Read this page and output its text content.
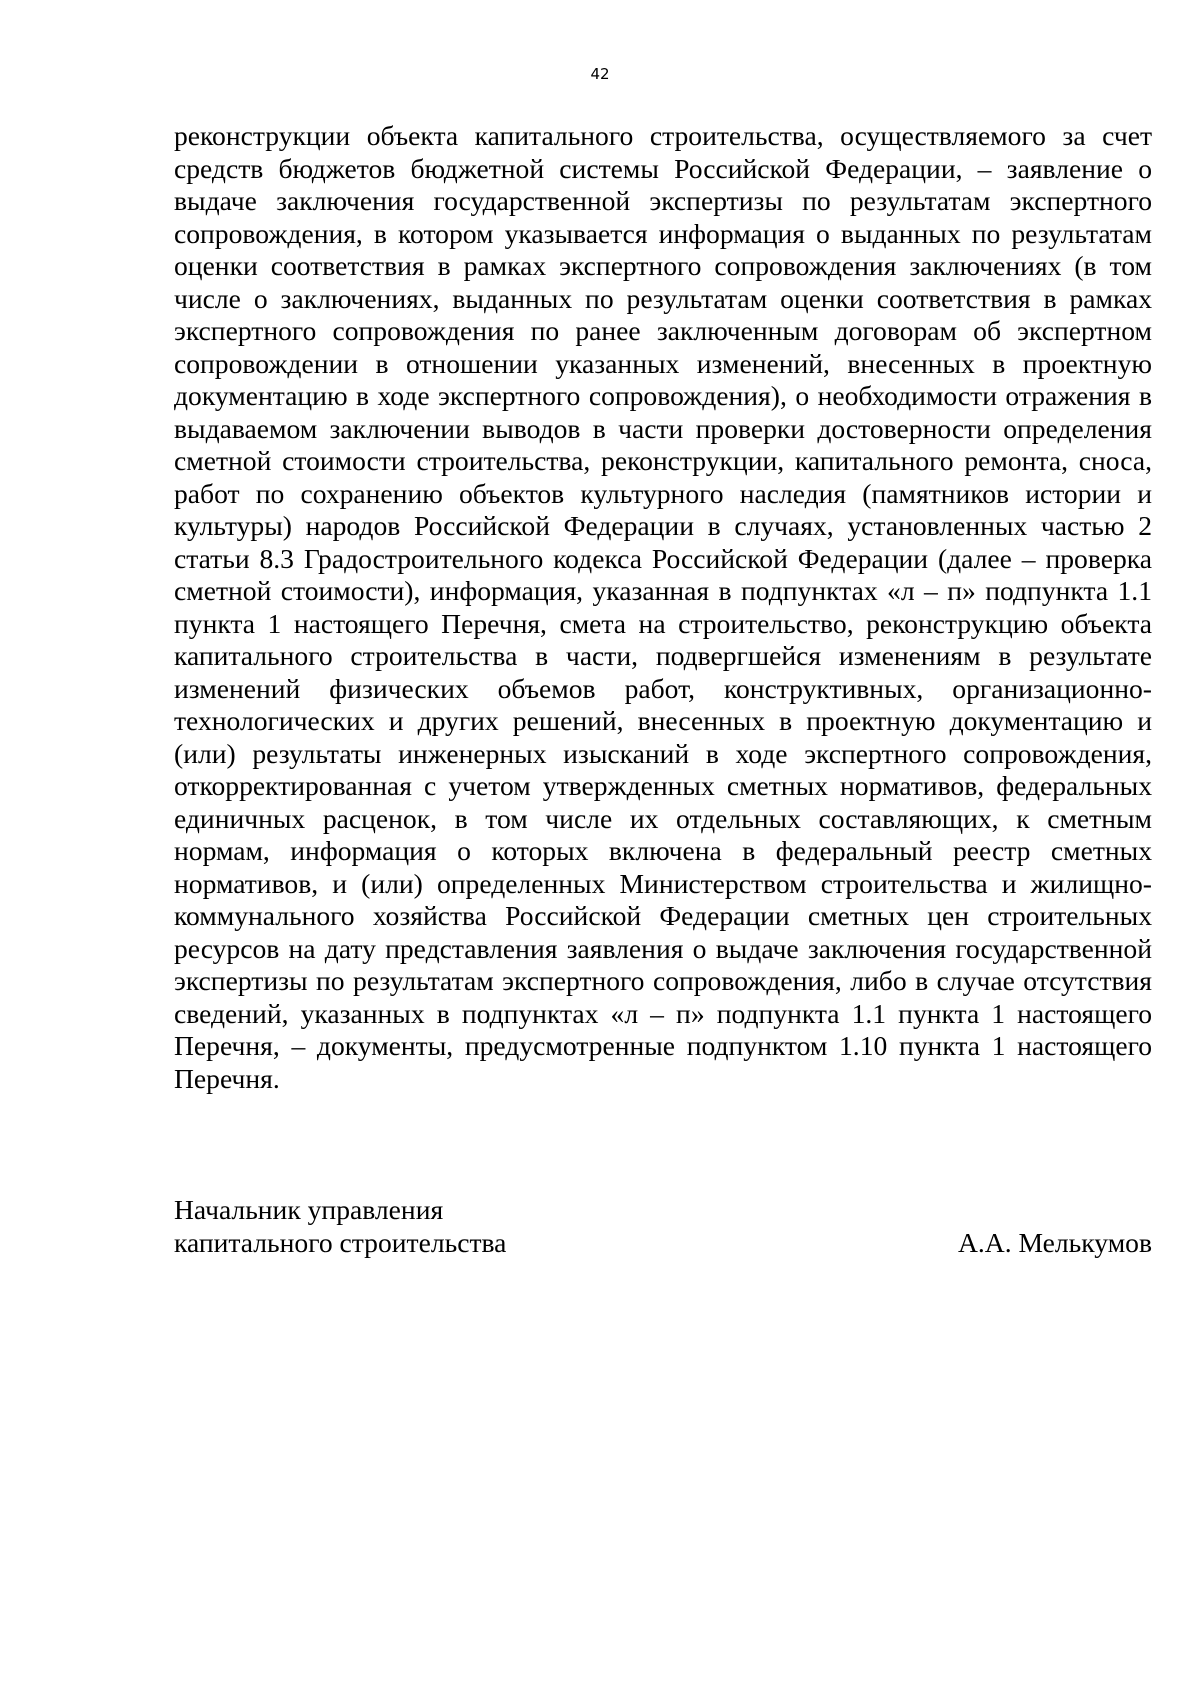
42

реконструкции объекта капитального строительства, осуществляемого за счет средств бюджетов бюджетной системы Российской Федерации, – заявление о выдаче заключения государственной экспертизы по результатам экспертного сопровождения, в котором указывается информация о выданных по результатам оценки соответствия в рамках экспертного сопровождения заключениях (в том числе о заключениях, выданных по результатам оценки соответствия в рамках экспертного сопровождения по ранее заключенным договорам об экспертном сопровождении в отношении указанных изменений, внесенных в проектную документацию в ходе экспертного сопровождения), о необходимости отражения в выдаваемом заключении выводов в части проверки достоверности определения сметной стоимости строительства, реконструкции, капитального ремонта, сноса, работ по сохранению объектов культурного наследия (памятников истории и культуры) народов Российской Федерации в случаях, установленных частью 2 статьи 8.3 Градостроительного кодекса Российской Федерации (далее – проверка сметной стоимости), информация, указанная в подпунктах «л – п» подпункта 1.1 пункта 1 настоящего Перечня, смета на строительство, реконструкцию объекта капитального строительства в части, подвергшейся изменениям в результате изменений физических объемов работ, конструктивных, организационно-технологических и других решений, внесенных в проектную документацию и (или) результаты инженерных изысканий в ходе экспертного сопровождения, откорректированная с учетом утвержденных сметных нормативов, федеральных единичных расценок, в том числе их отдельных составляющих, к сметным нормам, информация о которых включена в федеральный реестр сметных нормативов, и (или) определенных Министерством строительства и жилищно-коммунального хозяйства Российской Федерации сметных цен строительных ресурсов на дату представления заявления о выдаче заключения государственной экспертизы по результатам экспертного сопровождения, либо в случае отсутствия сведений, указанных в подпунктах «л – п» подпункта 1.1 пункта 1 настоящего Перечня, – документы, предусмотренные подпунктом 1.10 пункта 1 настоящего Перечня.

Начальник управления
капитального строительства	А.А. Мелькумов
